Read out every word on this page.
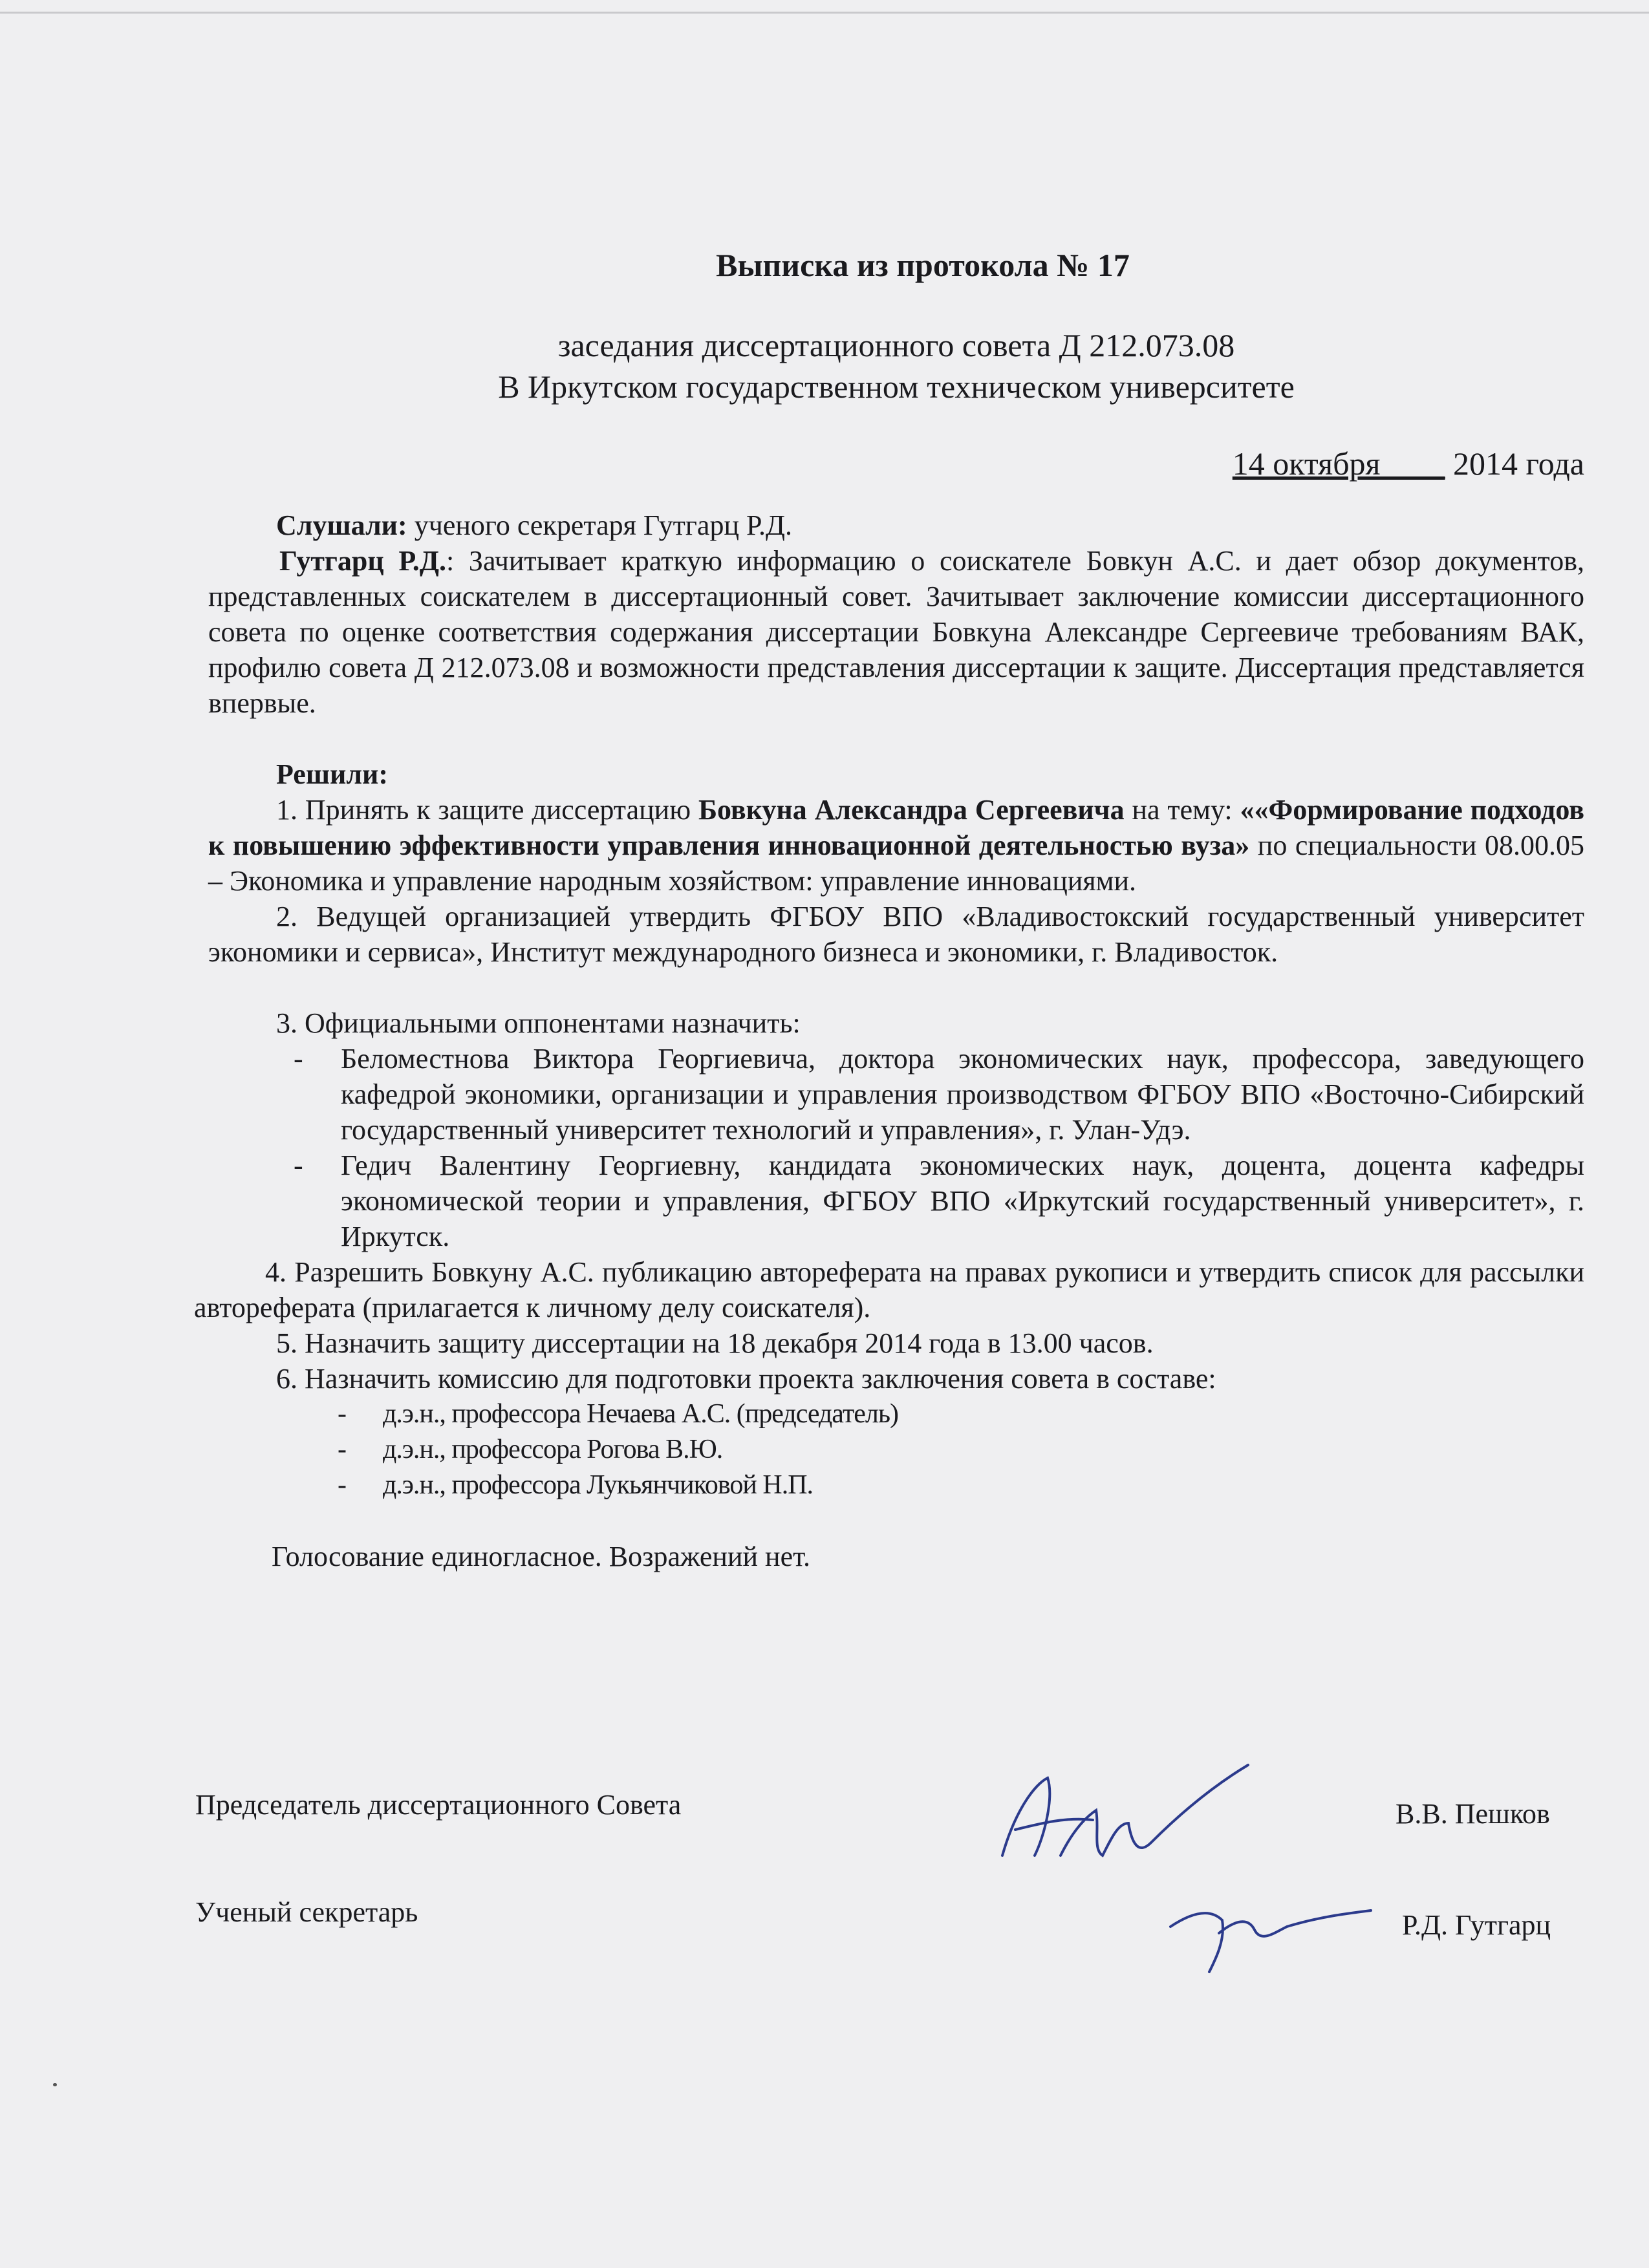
Выписка из протокола № 17
заседания диссертационного совета Д 212.073.08
В Иркутском государственном техническом университете
14 октября____ 2014 года

Слушали: ученого секретаря Гутгарц Р.Д.

Гутгарц Р.Д.: Зачитывает краткую информацию о соискателе Бовкун А.С. и дает обзор документов, представленных соискателем в диссертационный совет. Зачитывает заключение комиссии диссертационного совета по оценке соответствия содержания диссертации Бовкуна Александре Сергеевиче требованиям ВАК, профилю совета Д 212.073.08 и возможности представления диссертации к защите. Диссертация представляется впервые.

Решили:

1. Принять к защите диссертацию Бовкуна Александра Сергеевича на тему: ««Формирование подходов к повышению эффективности управления инновационной деятельностью вуза» по специальности 08.00.05 – Экономика и управление народным хозяйством: управление инновациями.

2. Ведущей организацией утвердить ФГБОУ ВПО «Владивостокский государственный университет экономики и сервиса», Институт международного бизнеса и экономики, г. Владивосток.

3. Официальными оппонентами назначить:

- Беломестнова Виктора Георгиевича, доктора экономических наук, профессора, заведующего кафедрой экономики, организации и управления производством ФГБОУ ВПО «Восточно-Сибирский государственный университет технологий и управления», г. Улан-Удэ.
- Гедич Валентину Георгиевну, кандидата экономических наук, доцента, доцента кафедры экономической теории и управления, ФГБОУ ВПО «Иркутский государственный университет», г. Иркутск.

4. Разрешить Бовкуну А.С. публикацию автореферата на правах рукописи и утвердить список для рассылки автореферата (прилагается к личному делу соискателя).

5. Назначить защиту диссертации на 18 декабря 2014 года в 13.00 часов.

6. Назначить комиссию для подготовки проекта заключения совета в составе:

- д.э.н., профессора Нечаева А.С. (председатель)
- д.э.н., профессора Рогова В.Ю.
- д.э.н., профессора Лукьянчиковой Н.П.

Голосование единогласное. Возражений нет.

Председатель диссертационного Совета	В.В. Пешков
Ученый секретарь	Р.Д. Гутгарц
